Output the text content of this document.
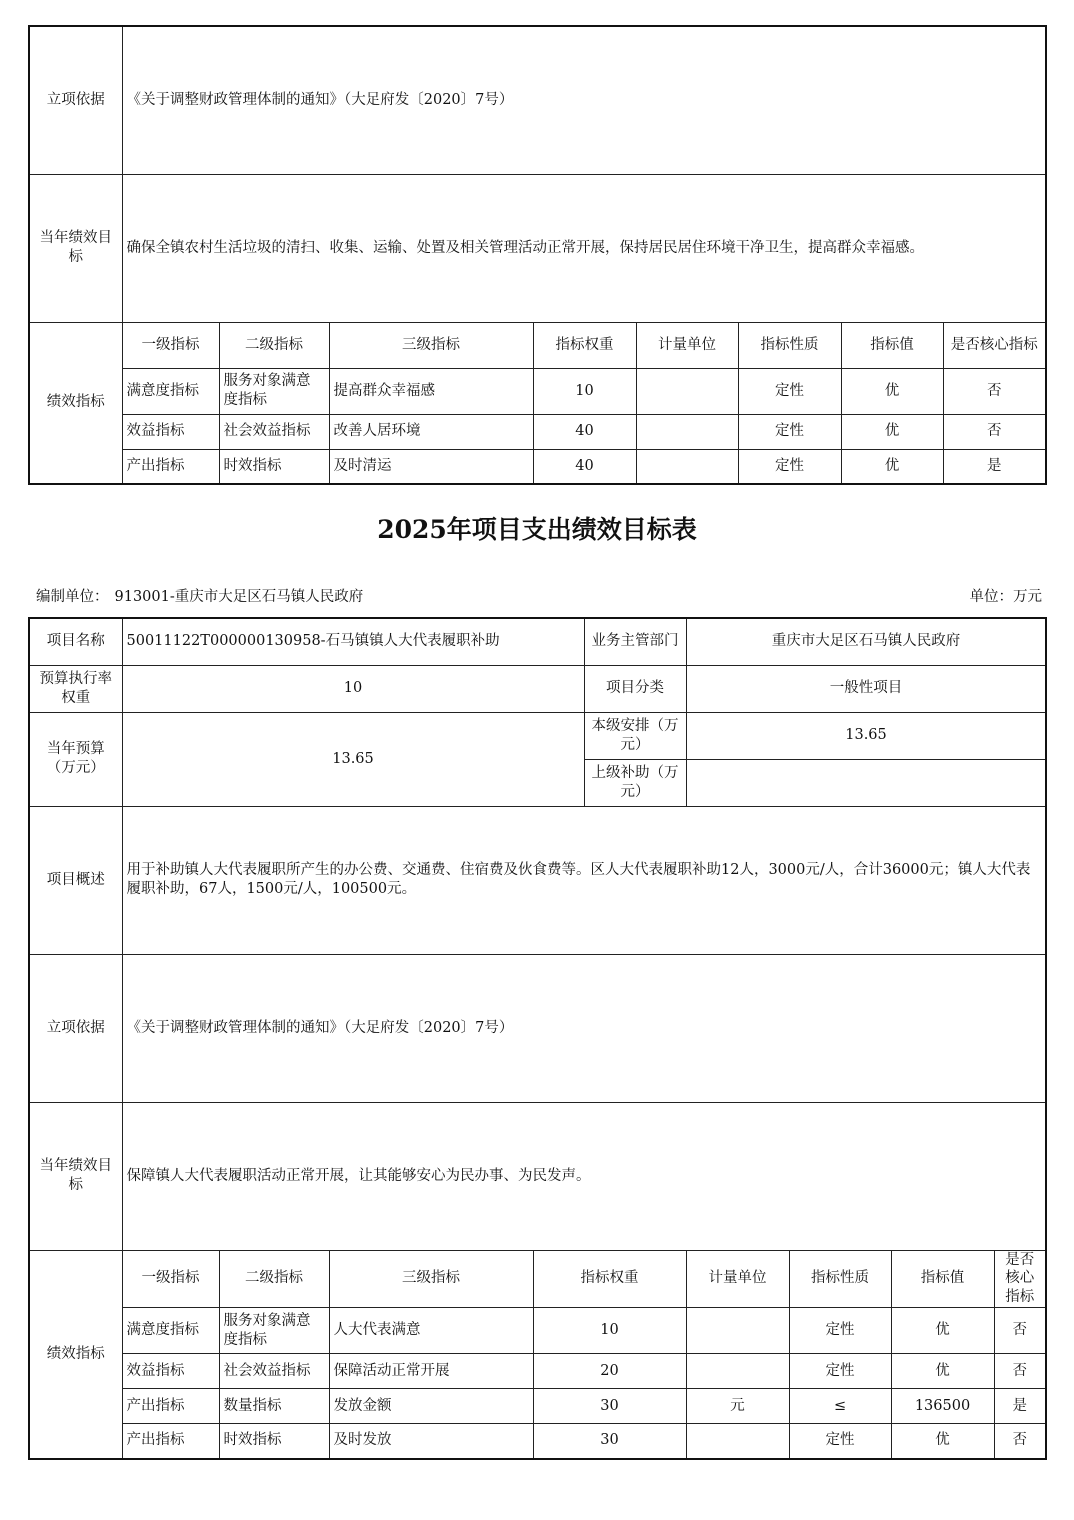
立项依据	《关于调整财政管理体制的通知》（大足府发〔2020〕7号）							
当年绩效目标	确保全镇农村生活垃圾的清扫、收集、运输、处置及相关管理活动正常开展，保持居民居住环境干净卫生，提高群众幸福感。							
绩效指标	一级指标	二级指标	三级指标	指标权重	计量单位	指标性质	指标值	是否核心指标
	满意度指标	服务对象满意度指标	提高群众幸福感	10		定性	优	否
	效益指标	社会效益指标	改善人居环境	40		定性	优	否
	产出指标	时效指标	及时清运	40		定性	优	是
2025年项目支出绩效目标表
编制单位： 913001-重庆市大足区石马镇人民政府	单位：万元
项目名称	50011122T000000130958-石马镇镇人大代表履职补助				业务主管部门	重庆市大足区石马镇人民政府			
预算执行率权重	10				项目分类	一般性项目			
当年预算（万元）	13.65				本级安排（万元）	13.65			
					上级补助（万元）				
项目概述	用于补助镇人大代表履职所产生的办公费、交通费、住宿费及伙食费等。区人大代表履职补助12人，3000元/人，合计36000元；镇人大代表履职补助，67人，1500元/人，100500元。								
立项依据	《关于调整财政管理体制的通知》（大足府发〔2020〕7号）								
当年绩效目标	保障镇人大代表履职活动正常开展，让其能够安心为民办事、为民发声。								
绩效指标	一级指标	二级指标	三级指标	指标权重		计量单位	指标性质	指标值	是否核心指标
	满意度指标	服务对象满意度指标	人大代表满意	10			定性	优	否
	效益指标	社会效益指标	保障活动正常开展	20			定性	优	否
	产出指标	数量指标	发放金额	30		元	≤	136500	是
	产出指标	时效指标	及时发放	30			定性	优	否
